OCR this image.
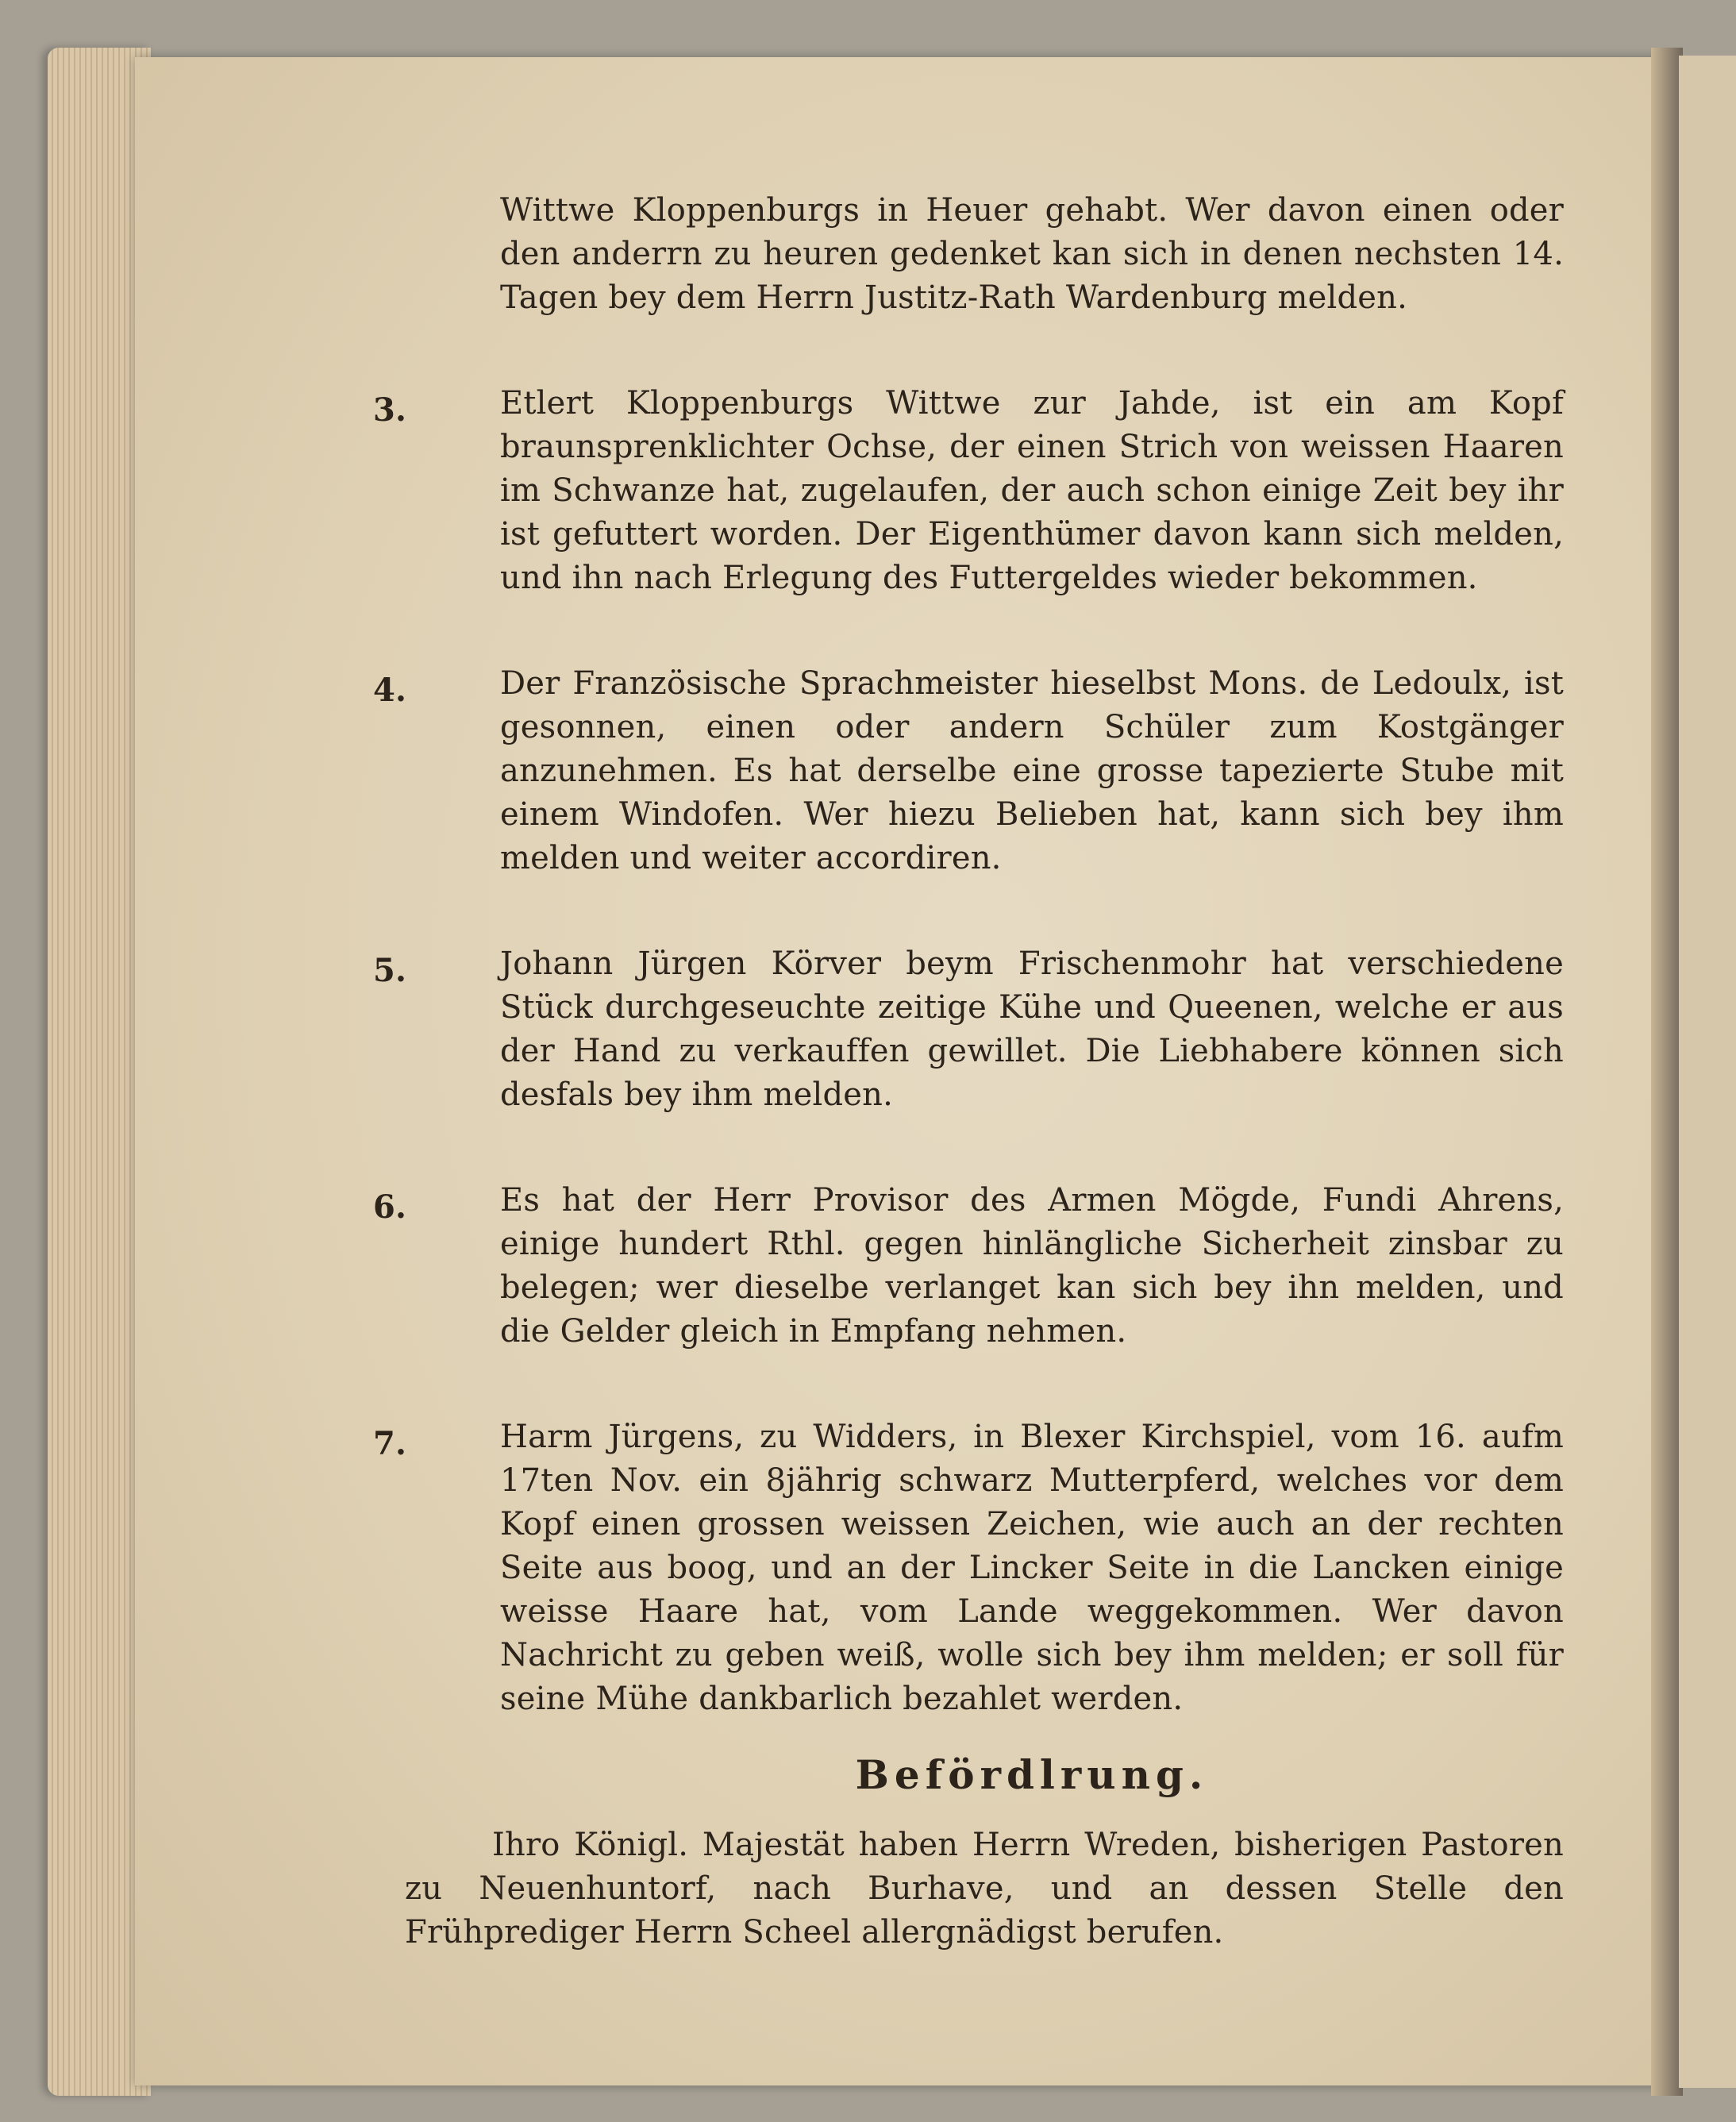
Wittwe Kloppenburgs in Heuer gehabt. Wer davon einen oder den anderrn zu heuren gedenket kan sich in denen nechsten 14. Tagen bey dem Herrn Justitz-Rath Wardenburg melden.

3.	Etlert Kloppenburgs Wittwe zur Jahde, ist ein am Kopf braunsprenklichter Ochse, der einen Strich von weissen Haaren im Schwanze hat, zugelaufen, der auch schon einige Zeit bey ihr ist gefuttert worden. Der Eigenthümer davon kann sich melden, und ihn nach Erlegung des Futtergeldes wieder bekommen.

4.	Der Französische Sprachmeister hieselbst Mons. de Ledoulx, ist gesonnen, einen oder andern Schüler zum Kostgänger anzunehmen. Es hat derselbe eine grosse tapezierte Stube mit einem Windofen. Wer hiezu Belieben hat, kann sich bey ihm melden und weiter accordiren.

5.	Johann Jürgen Körver beym Frischenmohr hat verschiedene Stück durchgeseuchte zeitige Kühe und Queenen, welche er aus der Hand zu verkauffen gewillet. Die Liebhabere können sich desfals bey ihm melden.

6.	Es hat der Herr Provisor des Armen Mögde, Fundi Ahrens, einige hundert Rthl. gegen hinlängliche Sicherheit zinsbar zu belegen; wer dieselbe verlanget kan sich bey ihn melden, und die Gelder gleich in Empfang nehmen.

7.	Harm Jürgens, zu Widders, in Blexer Kirchspiel, vom 16. aufm 17ten Nov. ein 8jährig schwarz Mutterpferd, welches vor dem Kopf einen grossen weissen Zeichen, wie auch an der rechten Seite aus boog, und an der Lincker Seite in die Lancken einige weisse Haare hat, vom Lande weggekommen. Wer davon Nachricht zu geben weiß, wolle sich bey ihm melden; er soll für seine Mühe dankbarlich bezahlet werden.

Befördlrung.

Ihro Königl. Majestät haben Herrn Wreden, bisherigen Pastoren zu Neuenhuntorf, nach Burhave, und an dessen Stelle den Frühprediger Herrn Scheel allergnädigst berufen.
